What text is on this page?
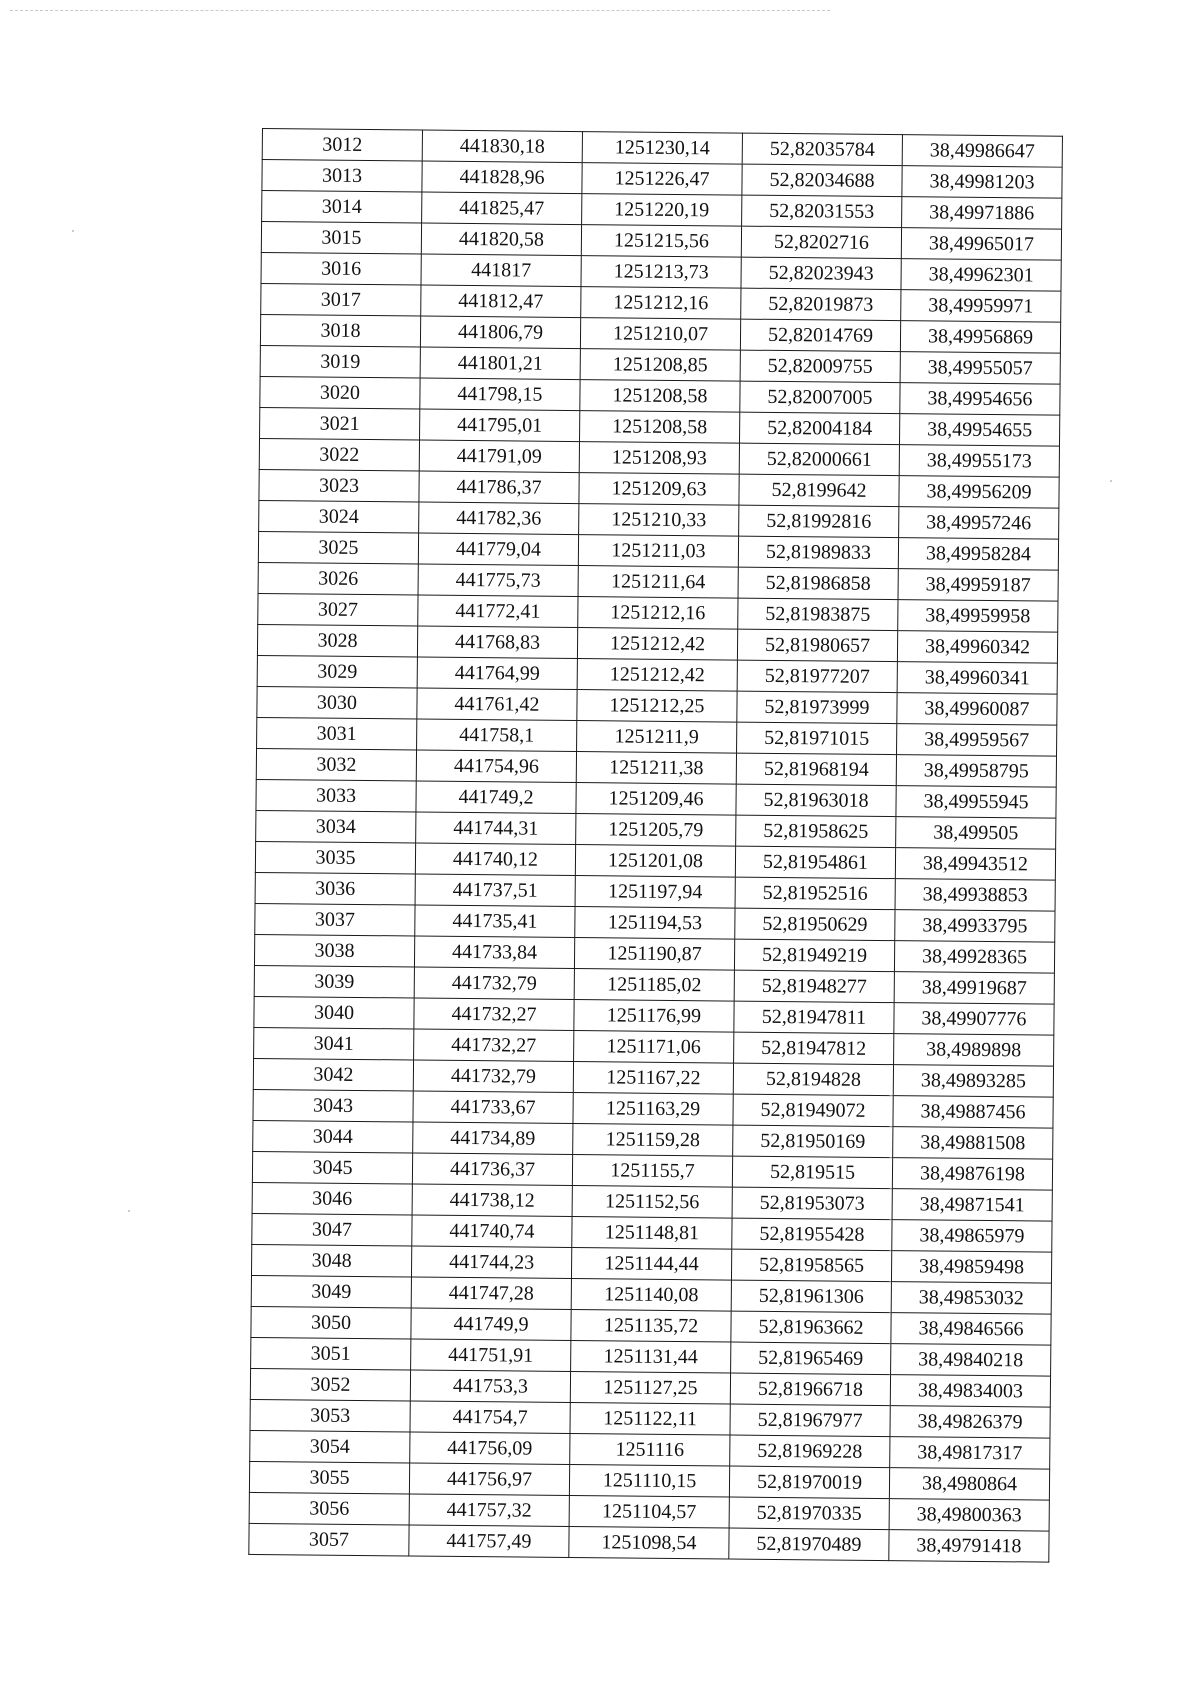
3012	441830,18	1251230,14	52,82035784	38,49986647
3013	441828,96	1251226,47	52,82034688	38,49981203
3014	441825,47	1251220,19	52,82031553	38,49971886
3015	441820,58	1251215,56	52,8202716	38,49965017
3016	441817	1251213,73	52,82023943	38,49962301
3017	441812,47	1251212,16	52,82019873	38,49959971
3018	441806,79	1251210,07	52,82014769	38,49956869
3019	441801,21	1251208,85	52,82009755	38,49955057
3020	441798,15	1251208,58	52,82007005	38,49954656
3021	441795,01	1251208,58	52,82004184	38,49954655
3022	441791,09	1251208,93	52,82000661	38,49955173
3023	441786,37	1251209,63	52,8199642	38,49956209
3024	441782,36	1251210,33	52,81992816	38,49957246
3025	441779,04	1251211,03	52,81989833	38,49958284
3026	441775,73	1251211,64	52,81986858	38,49959187
3027	441772,41	1251212,16	52,81983875	38,49959958
3028	441768,83	1251212,42	52,81980657	38,49960342
3029	441764,99	1251212,42	52,81977207	38,49960341
3030	441761,42	1251212,25	52,81973999	38,49960087
3031	441758,1	1251211,9	52,81971015	38,49959567
3032	441754,96	1251211,38	52,81968194	38,49958795
3033	441749,2	1251209,46	52,81963018	38,49955945
3034	441744,31	1251205,79	52,81958625	38,499505
3035	441740,12	1251201,08	52,81954861	38,49943512
3036	441737,51	1251197,94	52,81952516	38,49938853
3037	441735,41	1251194,53	52,81950629	38,49933795
3038	441733,84	1251190,87	52,81949219	38,49928365
3039	441732,79	1251185,02	52,81948277	38,49919687
3040	441732,27	1251176,99	52,81947811	38,49907776
3041	441732,27	1251171,06	52,81947812	38,4989898
3042	441732,79	1251167,22	52,8194828	38,49893285
3043	441733,67	1251163,29	52,81949072	38,49887456
3044	441734,89	1251159,28	52,81950169	38,49881508
3045	441736,37	1251155,7	52,819515	38,49876198
3046	441738,12	1251152,56	52,81953073	38,49871541
3047	441740,74	1251148,81	52,81955428	38,49865979
3048	441744,23	1251144,44	52,81958565	38,49859498
3049	441747,28	1251140,08	52,81961306	38,49853032
3050	441749,9	1251135,72	52,81963662	38,49846566
3051	441751,91	1251131,44	52,81965469	38,49840218
3052	441753,3	1251127,25	52,81966718	38,49834003
3053	441754,7	1251122,11	52,81967977	38,49826379
3054	441756,09	1251116	52,81969228	38,49817317
3055	441756,97	1251110,15	52,81970019	38,4980864
3056	441757,32	1251104,57	52,81970335	38,49800363
3057	441757,49	1251098,54	52,81970489	38,49791418
